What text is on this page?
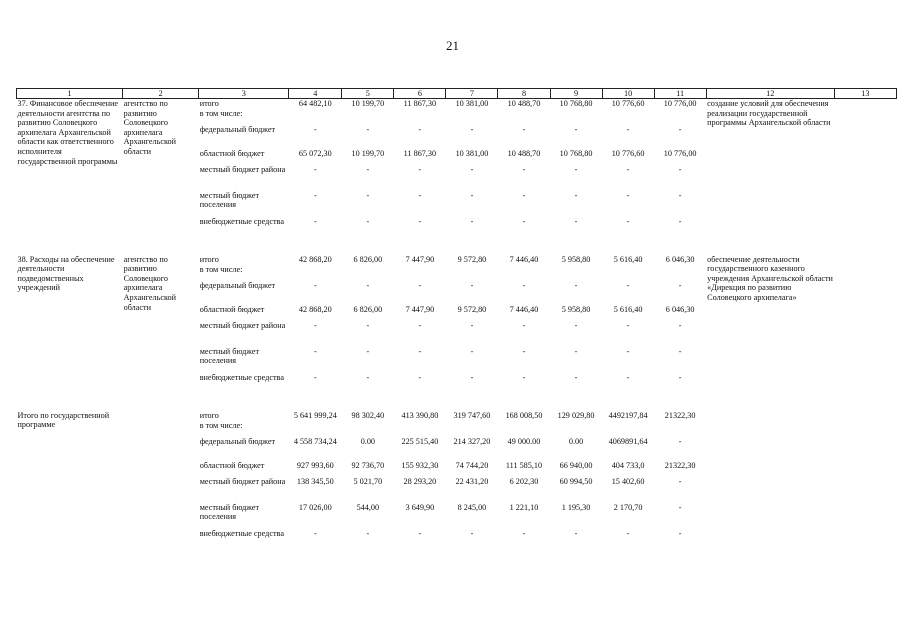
21
1	2	3	4	5	6	7	8	9	10	11	12	13
37. Финансовое обеспечение деятельности агентства по развитию Соловецкого архипелага Архангельской области как ответственного исполнителя государственной программы	агентство по развитию Соловецкого архипелага Архангельской области	итого	64 482,10	10 199,70	11 867,30	10 381,00	10 488,70	10 768,80	10 776,60	10 776,00	создание условий для обеспечения реализации государственной программы Архангельской области	
		в том числе:										
		федеральный бюджет	-	-	-	-	-	-	-	-		
		областной бюджет	65 072,30	10 199,70	11 867,30	10 381,00	10 488,70	10 768,80	10 776,60	10 776,00		
		местный бюджет района	-	-	-	-	-	-	-	-		
		местный бюджет поселения	-	-	-	-	-	-	-	-		
		внебюджетные средства	-	-	-	-	-	-	-	-		

38. Расходы на обеспечение деятельности подведомственных учреждений	агентство по развитию Соловецкого архипелага Архангельской области	итого	42 868,20	6 826,00	7 447,90	9 572,80	7 446,40	5 958,80	5 616,40	6 046,30	обеспечение деятельности государственного казенного учреждения Архангельской области «Дирекция по развитию Соловецкого архипелага»	
		в том числе:										
		федеральный бюджет	-	-	-	-	-	-	-	-		
		областной бюджет	42 868,20	6 826,00	7 447,90	9 572,80	7 446,40	5 958,80	5 616,40	6 046,30		
		местный бюджет района	-	-	-	-	-	-	-	-		
		местный бюджет поселения	-	-	-	-	-	-	-	-		
		внебюджетные средства	-	-	-	-	-	-	-	-		

Итого по государственной программе		итого	5 641 999,24	98 302,40	413 390,80	319 747,60	168 008,50	129 029,80	4492197,84	21322,30		
		в том числе:										
		федеральный бюджет	4 558 734,24	0.00	225 515,40	214 327,20	49 000.00	0.00	4069891,64	-		
		областной бюджет	927 993,60	92 736,70	155 932,30	74 744,20	111 585,10	66 940,00	404 733,0	21322,30		
		местный бюджет района	138 345,50	5 021,70	28 293,20	22 431,20	6 202,30	60 994,50	15 402,60	-		
		местный бюджет поселения	17 026,00	544,00	3 649,90	8 245,00	1 221,10	1 195,30	2 170,70	-		
		внебюджетные средства	-	-	-	-	-	-	-	-		
